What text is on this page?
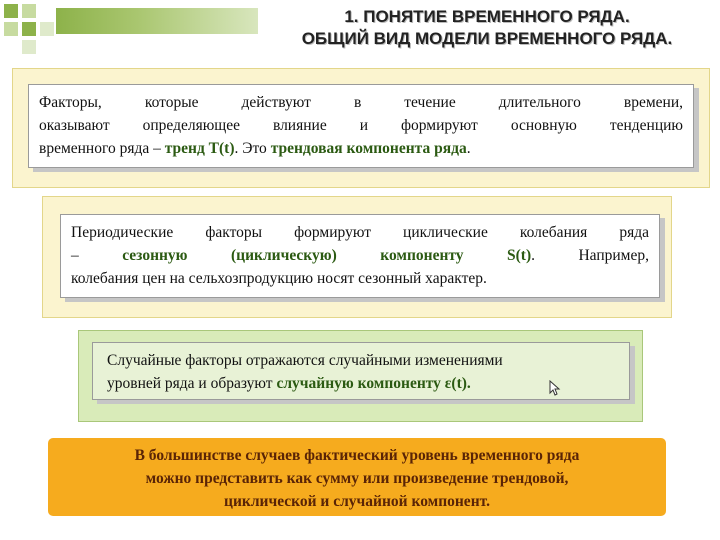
1. ПОНЯТИЕ ВРЕМЕННОГО РЯДА.
ОБЩИЙ ВИД МОДЕЛИ ВРЕМЕННОГО РЯДА.
Факторы, которые действуют в течение длительного времени,
оказывают определяющее влияние и формируют основную тенденцию
временного ряда – тренд T(t). Это трендовая компонента ряда.
Периодические факторы формируют циклические колебания ряда
– сезонную (циклическую) компоненту S(t). Например,
колебания цен на сельхозпродукцию носят сезонный характер.
Случайные факторы отражаются случайными изменениями
уровней ряда и образуют случайную компоненту ε(t).
В большинстве случаев фактический уровень временного ряда
можно представить как сумму или произведение трендовой,
циклической и случайной компонент.
